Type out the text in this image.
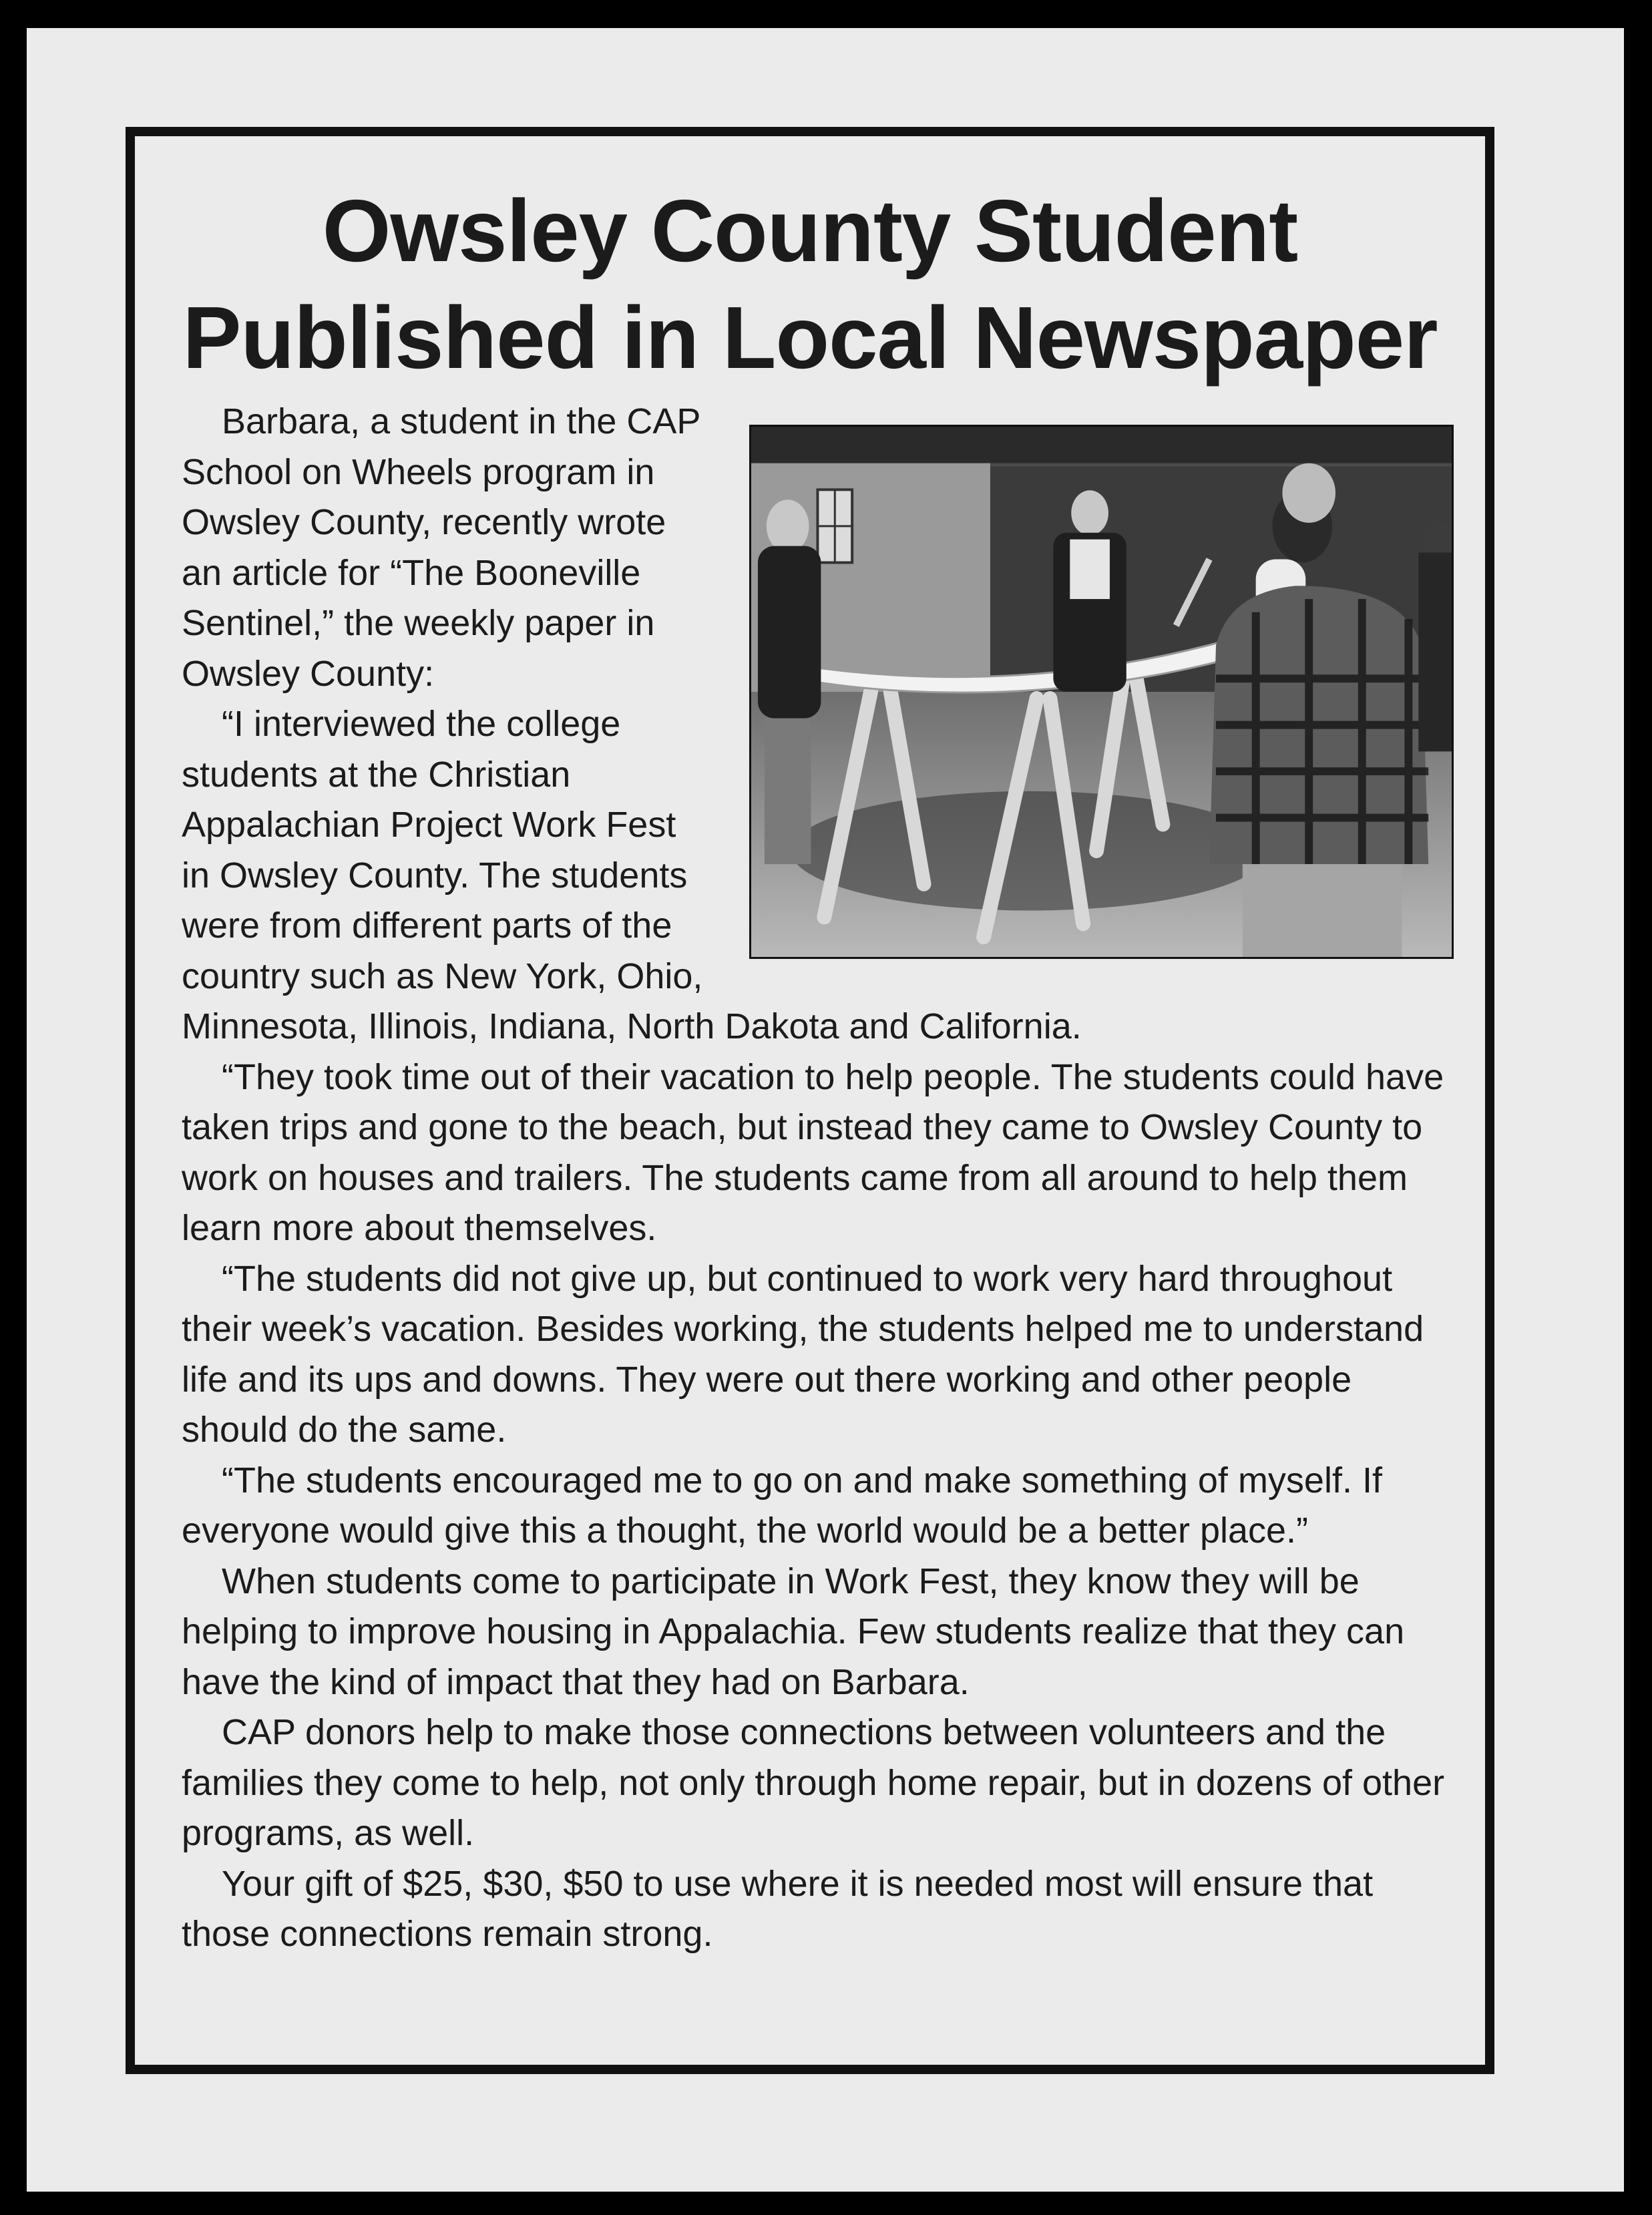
Owsley County Student
Published in Local Newspaper

Barbara, a student in the CAP School on Wheels program in Owsley County, recently wrote an article for “The Booneville Sentinel,” the weekly paper in Owsley County:

“I interviewed the college students at the Christian Appalachian Project Work Fest in Owsley County. The students were from different parts of the country such as New York, Ohio, Minnesota, Illinois, Indiana, North Dakota and California.

“They took time out of their vacation to help people. The students could have taken trips and gone to the beach, but instead they came to Owsley County to work on houses and trailers. The students came from all around to help them learn more about themselves.

“The students did not give up, but continued to work very hard throughout their week’s vacation. Besides working, the students helped me to understand life and its ups and downs. They were out there working and other people should do the same.

“The students encouraged me to go on and make something of myself. If everyone would give this a thought, the world would be a better place.”

When students come to participate in Work Fest, they know they will be helping to improve housing in Appalachia. Few students realize that they can have the kind of impact that they had on Barbara.

CAP donors help to make those connections between volunteers and the families they come to help, not only through home repair, but in dozens of other programs, as well.

Your gift of $25, $30, $50 to use where it is needed most will ensure that those connections remain strong.
